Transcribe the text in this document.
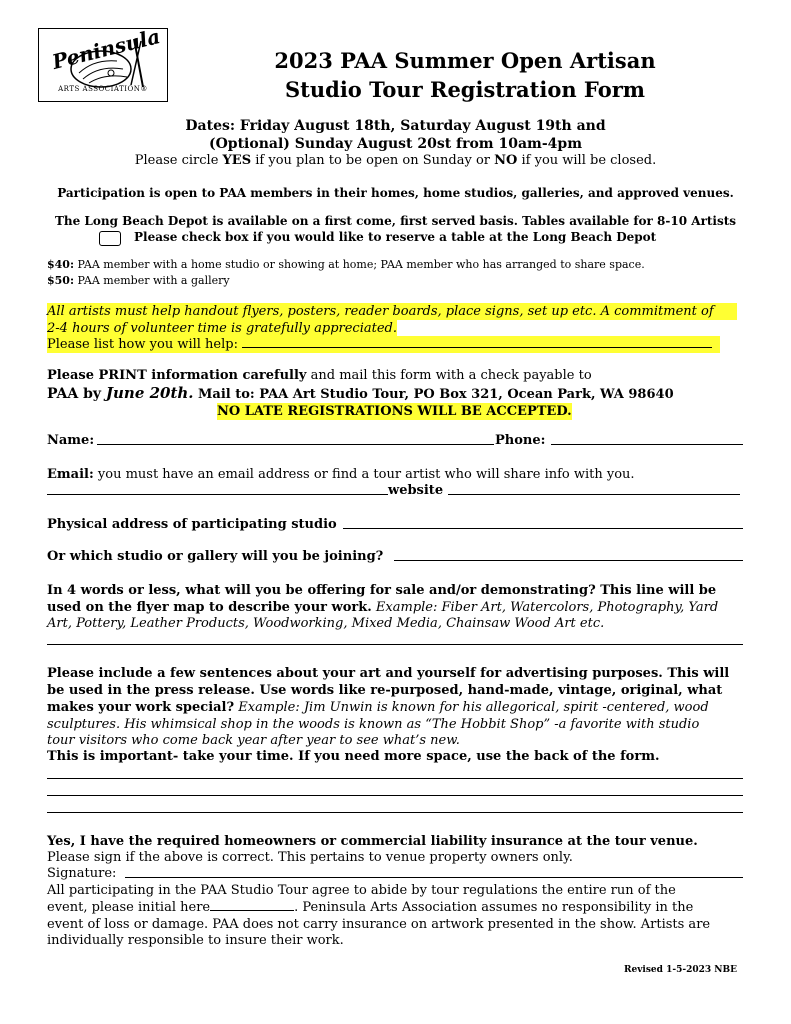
Peninsula
ARTS ASSOCIATION®
2023 PAA Summer Open Artisan
Studio Tour Registration Form
Dates: Friday August 18th, Saturday August 19th and
(Optional) Sunday August 20st from 10am-4pm
Please circle YES if you plan to be open on Sunday or NO if you will be closed.
Participation is open to PAA members in their homes, home studios, galleries, and approved venues.
The Long Beach Depot is available on a first come, first served basis. Tables available for 8-10 Artists
Please check box if you would like to reserve a table at the Long Beach Depot
$40: PAA member with a home studio or showing at home; PAA member who has arranged to share space.
$50: PAA member with a gallery
All artists must help handout flyers, posters, reader boards, place signs, set up etc. A commitment of
2-4 hours of volunteer time is gratefully appreciated.
Please list how you will help:
Please PRINT information carefully and mail this form with a check payable to
PAA by June 20th. Mail to: PAA Art Studio Tour, PO Box 321, Ocean Park, WA 98640
NO LATE REGISTRATIONS WILL BE ACCEPTED.
Name:	Phone:
Email: you must have an email address or find a tour artist who will share info with you.
website
Physical address of participating studio
Or which studio or gallery will you be joining?
In 4 words or less, what will you be offering for sale and/or demonstrating? This line will be
used on the flyer map to describe your work. Example: Fiber Art, Watercolors, Photography, Yard
Art, Pottery, Leather Products, Woodworking, Mixed Media, Chainsaw Wood Art etc.
Please include a few sentences about your art and yourself for advertising purposes. This will
be used in the press release. Use words like re-purposed, hand-made, vintage, original, what
makes your work special? Example: Jim Unwin is known for his allegorical, spirit -centered, wood
sculptures. His whimsical shop in the woods is known as “The Hobbit Shop” -a favorite with studio
tour visitors who come back year after year to see what’s new.
This is important- take your time. If you need more space, use the back of the form.
Yes, I have the required homeowners or commercial liability insurance at the tour venue.
Please sign if the above is correct. This pertains to venue property owners only.
Signature:
All participating in the PAA Studio Tour agree to abide by tour regulations the entire run of the
event, please initial here	. Peninsula Arts Association assumes no responsibility in the
event of loss or damage. PAA does not carry insurance on artwork presented in the show. Artists are
individually responsible to insure their work.
Revised 1-5-2023 NBE
